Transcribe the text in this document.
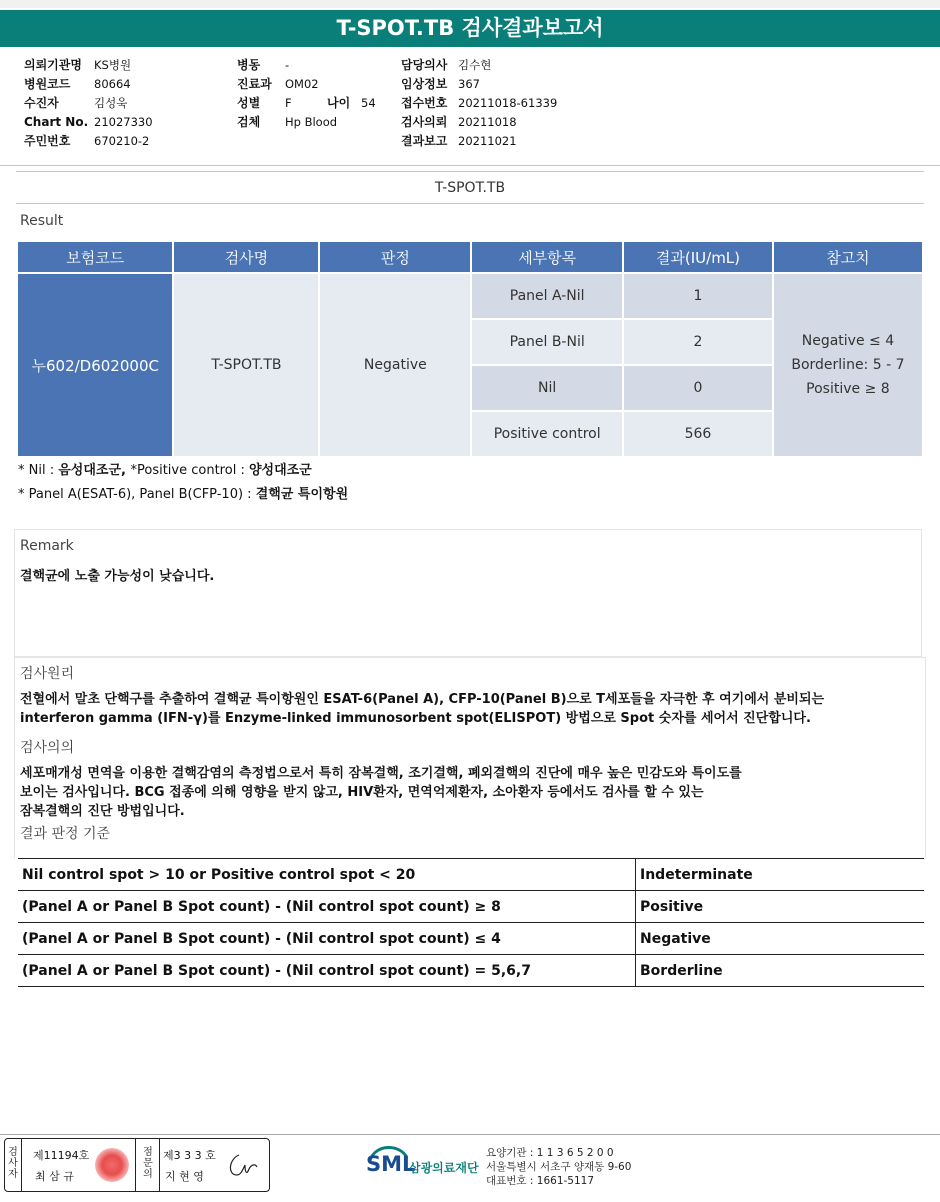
T-SPOT.TB 검사결과보고서
의뢰기관명 KS병원
병원코드 80664
수진자	김성욱
Chart No. 21027330
주민번호 670210-2
병동 -
진료과 OM02
성별 F	나이 54
검체 Hp Blood
담당의사 김수현
임상정보 367
접수번호 20211018-61339
검사의뢰 20211018
결과보고 20211021
T-SPOT.TB
Result
보험코드	검사명	판정	세부항목	결과(IU/mL)	참고치
누602/D602000C	T-SPOT.TB	Negative	Panel A-Nil	1	Negative ≤ 4
Borderline: 5 - 7
Positive ≥ 8

			Panel B-Nil	2	
			Nil	0	
			Positive control	566	
* Nil : 음성대조군, *Positive control : 양성대조군
* Panel A(ESAT-6), Panel B(CFP-10) : 결핵균 특이항원
Remark
결핵균에 노출 가능성이 낮습니다.
검사원리
전혈에서 말초 단핵구를 추출하여 결핵균 특이항원인 ESAT-6(Panel A), CFP-10(Panel B)으로 T세포들을 자극한 후 여기에서 분비되는
interferon gamma (IFN-γ)를 Enzyme-linked immunosorbent spot(ELISPOT) 방법으로 Spot 숫자를 세어서 진단합니다.
검사의의
세포매개성 면역을 이용한 결핵감염의 측정법으로서 특히 잠복결핵, 조기결핵, 폐외결핵의 진단에 매우 높은 민감도와 특이도를
보이는 검사입니다. BCG 접종에 의해 영향을 받지 않고, HIV환자, 면역억제환자, 소아환자 등에서도 검사를 할 수 있는
잠복결핵의 진단 방법입니다.
결과 판정 기준
Nil control spot > 10 or Positive control spot < 20	Indeterminate
(Panel A or Panel B Spot count) - (Nil control spot count) ≥ 8	Positive
(Panel A or Panel B Spot count) - (Nil control spot count) ≤ 4	Negative
(Panel A or Panel B Spot count) - (Nil control spot count) = 5,6,7	Borderline
검사자
제11194호
최 삼 규
점문의
제3 3 3 호
지 현 영
SML
삼광의료재단
요양기관 : 1 1 3 6 5 2 0 0
서울특별시 서초구 양재동 9-60
대표번호 : 1661-5117
